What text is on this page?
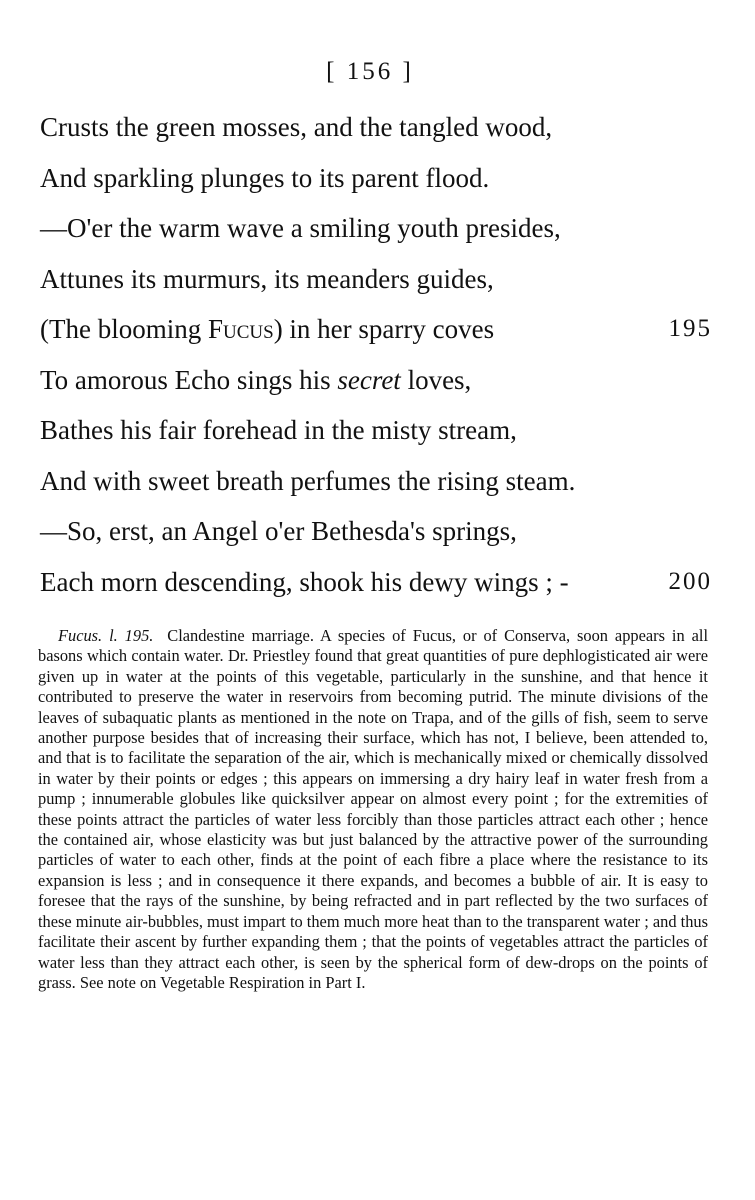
[ 156 ]
Crusts the green mosses, and the tangled wood,
And sparkling plunges to its parent flood.
—O'er the warm wave a smiling youth presides,
Attunes its murmurs, its meanders guides,
(The blooming Fucus) in her sparry coves	195
To amorous Echo sings his secret loves,
Bathes his fair forehead in the misty stream,
And with sweet breath perfumes the rising steam.
—So, erst, an Angel o'er Bethesda's springs,
Each morn descending, shook his dewy wings ; -	200

Fucus. l. 195. Clandestine marriage. A species of Fucus, or of Conserva, soon appears in all basons which contain water. Dr. Priestley found that great quantities of pure dephlogisticated air were given up in water at the points of this vegetable, particularly in the sunshine, and that hence it contributed to preserve the water in reservoirs from becoming putrid. The minute divisions of the leaves of subaquatic plants as mentioned in the note on Trapa, and of the gills of fish, seem to serve another purpose besides that of increasing their surface, which has not, I believe, been attended to, and that is to facilitate the separation of the air, which is mechanically mixed or chemically dissolved in water by their points or edges ; this appears on immersing a dry hairy leaf in water fresh from a pump ; innumerable globules like quicksilver appear on almost every point ; for the extremities of these points attract the particles of water less forcibly than those particles attract each other ; hence the contained air, whose elasticity was but just balanced by the attractive power of the surrounding particles of water to each other, finds at the point of each fibre a place where the resistance to its expansion is less ; and in consequence it there expands, and becomes a bubble of air. It is easy to foresee that the rays of the sunshine, by being refracted and in part reflected by the two surfaces of these minute air-bubbles, must impart to them much more heat than to the transparent water ; and thus facilitate their ascent by further expanding them ; that the points of vegetables attract the particles of water less than they attract each other, is seen by the spherical form of dew-drops on the points of grass. See note on Vegetable Respiration in Part I.
